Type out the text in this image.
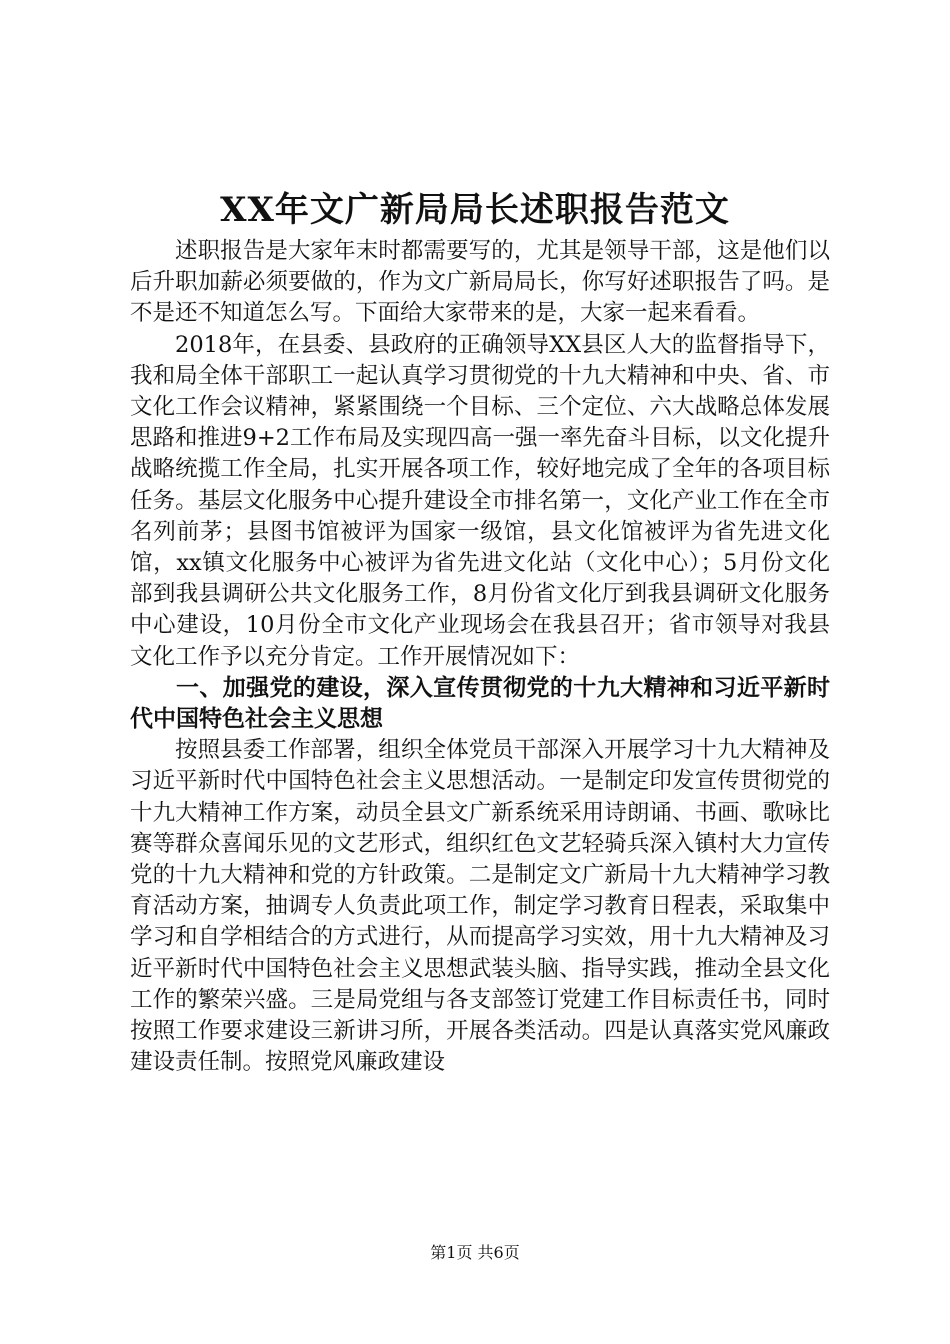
XX年文广新局局长述职报告范文

述职报告是大家年末时都需要写的，尤其是领导干部，这是他们以后升职加薪必须要做的，作为文广新局局长，你写好述职报告了吗。是不是还不知道怎么写。下面给大家带来的是，大家一起来看看。

2018年，在县委、县政府的正确领导XX县区人大的监督指导下，我和局全体干部职工一起认真学习贯彻党的十九大精神和中央、省、市文化工作会议精神，紧紧围绕一个目标、三个定位、六大战略总体发展思路和推进9+2工作布局及实现四高一强一率先奋斗目标，以文化提升战略统揽工作全局，扎实开展各项工作，较好地完成了全年的各项目标任务。基层文化服务中心提升建设全市排名第一，文化产业工作在全市名列前茅；县图书馆被评为国家一级馆，县文化馆被评为省先进文化馆，xx镇文化服务中心被评为省先进文化站（文化中心）；5月份文化部到我县调研公共文化服务工作，8月份省文化厅到我县调研文化服务中心建设，10月份全市文化产业现场会在我县召开；省市领导对我县文化工作予以充分肯定。工作开展情况如下：

一、加强党的建设，深入宣传贯彻党的十九大精神和习近平新时代中国特色社会主义思想

按照县委工作部署，组织全体党员干部深入开展学习十九大精神及习近平新时代中国特色社会主义思想活动。一是制定印发宣传贯彻党的十九大精神工作方案，动员全县文广新系统采用诗朗诵、书画、歌咏比赛等群众喜闻乐见的文艺形式，组织红色文艺轻骑兵深入镇村大力宣传党的十九大精神和党的方针政策。二是制定文广新局十九大精神学习教育活动方案，抽调专人负责此项工作，制定学习教育日程表，采取集中学习和自学相结合的方式进行，从而提高学习实效，用十九大精神及习近平新时代中国特色社会主义思想武装头脑、指导实践，推动全县文化工作的繁荣兴盛。三是局党组与各支部签订党建工作目标责任书，同时按照工作要求建设三新讲习所，开展各类活动。四是认真落实党风廉政建设责任制。按照党风廉政建设

第1页 共6页
